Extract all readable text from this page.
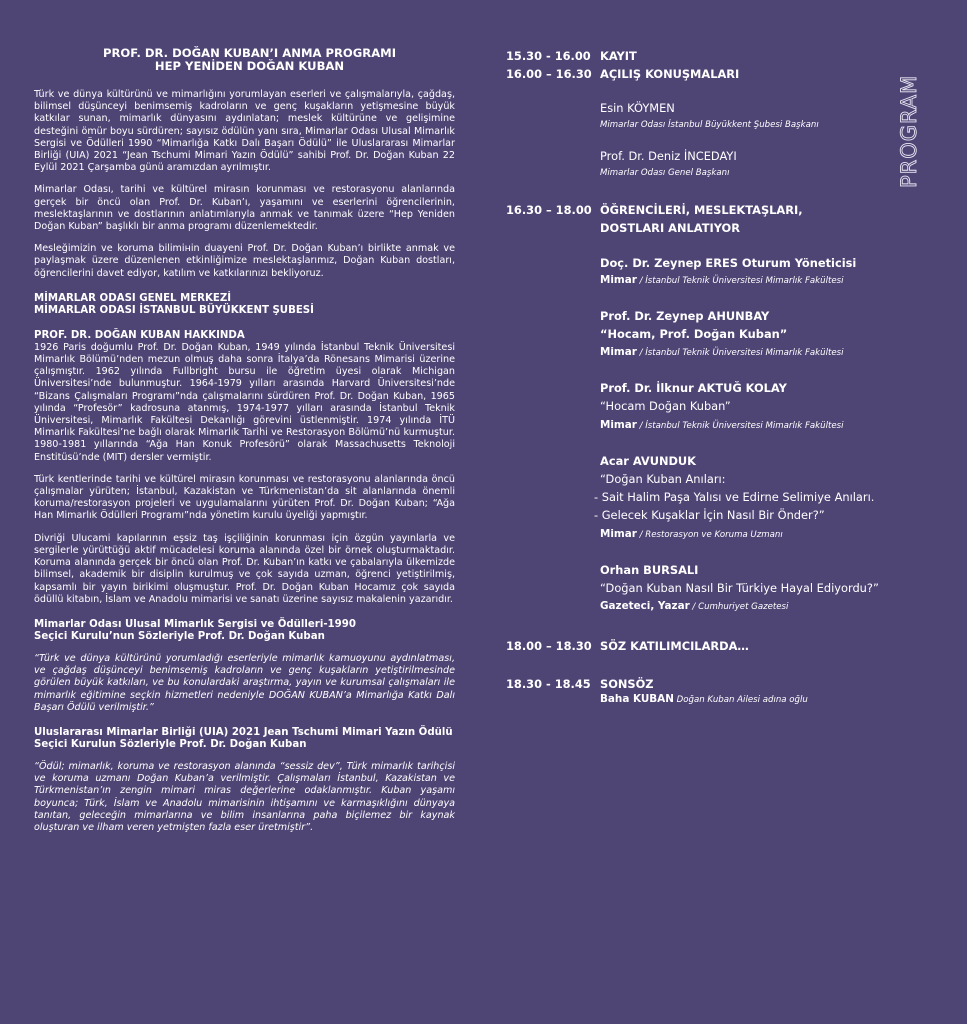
PROF. DR. DOĞAN KUBAN’I ANMA PROGRAMI
HEP YENİDEN DOĞAN KUBAN

Türk ve dünya kültürünü ve mimarlığını yorumlayan eserleri ve çalışmalarıyla, çağdaş, bilimsel düşünceyi benimsemiş kadroların ve genç kuşakların yetişmesine büyük katkılar sunan, mimarlık dünyasını aydınlatan; meslek kültürüne ve gelişimine desteğini ömür boyu sürdüren; sayısız ödülün yanı sıra, Mimarlar Odası Ulusal Mimarlık Sergisi ve Ödülleri 1990 “Mimarlığa Katkı Dalı Başarı Ödülü” ile Uluslararası Mimarlar Birliği (UIA) 2021 “Jean Tschumi Mimari Yazın Ödülü” sahibi Prof. Dr. Doğan Kuban 22 Eylül 2021 Çarşamba günü aramızdan ayrılmıştır.

Mimarlar Odası, tarihi ve kültürel mirasın korunması ve restorasyonu alanlarında gerçek bir öncü olan Prof. Dr. Kuban’ı, yaşamını ve eserlerini öğrencilerinin, meslektaşlarının ve dostlarının anlatımlarıyla anmak ve tanımak üzere “Hep Yeniden Doğan Kuban” başlıklı bir anma programı düzenlemektedir.

Mesleğimizin ve koruma bilimінin duayeni Prof. Dr. Doğan Kuban’ı birlikte anmak ve paylaşmak üzere düzenlenen etkinliğimize meslektaşlarımız, Doğan Kuban dostları, öğrencilerini davet ediyor, katılım ve katkılarınızı bekliyoruz.

MİMARLAR ODASI GENEL MERKEZİ
MİMARLAR ODASI İSTANBUL BÜYÜKKENT ŞUBESİ
PROF. DR. DOĞAN KUBAN HAKKINDA

1926 Paris doğumlu Prof. Dr. Doğan Kuban, 1949 yılında İstanbul Teknik Üniversitesi Mimarlık Bölümü’nden mezun olmuş daha sonra İtalya’da Rönesans Mimarisi üzerine çalışmıştır. 1962 yılında Fullbright bursu ile öğretim üyesi olarak Michigan Üniversitesi’nde bulunmuştur. 1964-1979 yılları arasında Harvard Üniversitesi’nde “Bizans Çalışmaları Programı”nda çalışmalarını sürdüren Prof. Dr. Doğan Kuban, 1965 yılında “Profesör” kadrosuna atanmış, 1974-1977 yılları arasında İstanbul Teknik Üniversitesi, Mimarlık Fakültesi Dekanlığı görevini üstlenmiştir. 1974 yılında İTÜ Mimarlık Fakültesi’ne bağlı olarak Mimarlık Tarihi ve Restorasyon Bölümü’nü kurmuştur. 1980-1981 yıllarında “Ağa Han Konuk Profesörü” olarak Massachusetts Teknoloji Enstitüsü’nde (MIT) dersler vermiştir.

Türk kentlerinde tarihi ve kültürel mirasın korunması ve restorasyonu alanlarında öncü çalışmalar yürüten; İstanbul, Kazakistan ve Türkmenistan’da sit alanlarında önemli koruma/restorasyon projeleri ve uygulamalarını yürüten Prof. Dr. Doğan Kuban; “Ağa Han Mimarlık Ödülleri Programı”nda yönetim kurulu üyeliği yapmıştır.

Divriği Ulucami kapılarının eşsiz taş işçiliğinin korunması için özgün yayınlarla ve sergilerle yürüttüğü aktif mücadelesi koruma alanında özel bir örnek oluşturmaktadır. Koruma alanında gerçek bir öncü olan Prof. Dr. Kuban’ın katkı ve çabalarıyla ülkemizde bilimsel, akademik bir disiplin kurulmuş ve çok sayıda uzman, öğrenci yetiştirilmiş, kapsamlı bir yayın birikimi oluşmuştur. Prof. Dr. Doğan Kuban Hocamız çok sayıda ödüllü kitabın, İslam ve Anadolu mimarisi ve sanatı üzerine sayısız makalenin yazarıdır.

Mimarlar Odası Ulusal Mimarlık Sergisi ve Ödülleri-1990
Seçici Kurulu’nun Sözleriyle Prof. Dr. Doğan Kuban

“Türk ve dünya kültürünü yorumladığı eserleriyle mimarlık kamuoyunu aydınlatması, ve çağdaş düşünceyi benimsemiş kadroların ve genç kuşakların yetiştirilmesinde görülen büyük katkıları, ve bu konulardaki araştırma, yayın ve kurumsal çalışmaları ile mimarlık eğitimine seçkin hizmetleri nedeniyle DOĞAN KUBAN’a Mimarlığa Katkı Dalı Başarı Ödülü verilmiştir.”

Uluslararası Mimarlar Birliği (UIA) 2021 Jean Tschumi Mimari Yazın Ödülü
Seçici Kurulun Sözleriyle Prof. Dr. Doğan Kuban

“Ödül; mimarlık, koruma ve restorasyon alanında “sessiz dev”, Türk mimarlık tarihçisi ve koruma uzmanı Doğan Kuban’a verilmiştir. Çalışmaları İstanbul, Kazakistan ve Türkmenistan’ın zengin mimari miras değerlerine odaklanmıştır. Kuban yaşamı boyunca; Türk, İslam ve Anadolu mimarisinin ihtişamını ve karmaşıklığını dünyaya tanıtan, geleceğin mimarlarına ve bilim insanlarına paha biçilemez bir kaynak oluşturan ve ilham veren yetmişten fazla eser üretmiştir”.

15.30 - 16.00 KAYIT
16.00 – 16.30 AÇILIŞ KONUŞMALARI
Esin KÖYMEN
Mimarlar Odası İstanbul Büyükkent Şubesi Başkanı
Prof. Dr. Deniz İNCEDAYI
Mimarlar Odası Genel Başkanı
16.30 – 18.00 ÖĞRENCİLERİ, MESLEKTAŞLARI,
DOSTLARI ANLATIYOR
Doç. Dr. Zeynep ERES Oturum Yöneticisi
Mimar / İstanbul Teknik Üniversitesi Mimarlık Fakültesi
Prof. Dr. Zeynep AHUNBAY
“Hocam, Prof. Doğan Kuban”
Mimar / İstanbul Teknik Üniversitesi Mimarlık Fakültesi
Prof. Dr. İlknur AKTUĞ KOLAY
“Hocam Doğan Kuban”
Mimar / İstanbul Teknik Üniversitesi Mimarlık Fakültesi
Acar AVUNDUK
“Doğan Kuban Anıları:
- Sait Halim Paşa Yalısı ve Edirne Selimiye Anıları.
- Gelecek Kuşaklar İçin Nasıl Bir Önder?”
Mimar / Restorasyon ve Koruma Uzmanı
Orhan BURSALI
“Doğan Kuban Nasıl Bir Türkiye Hayal Ediyordu?”
Gazeteci, Yazar / Cumhuriyet Gazetesi
18.00 – 18.30 SÖZ KATILIMCILARDA…
18.30 - 18.45 SONSÖZ
Baha KUBAN Doğan Kuban Ailesi adına oğlu
PROGRAM
